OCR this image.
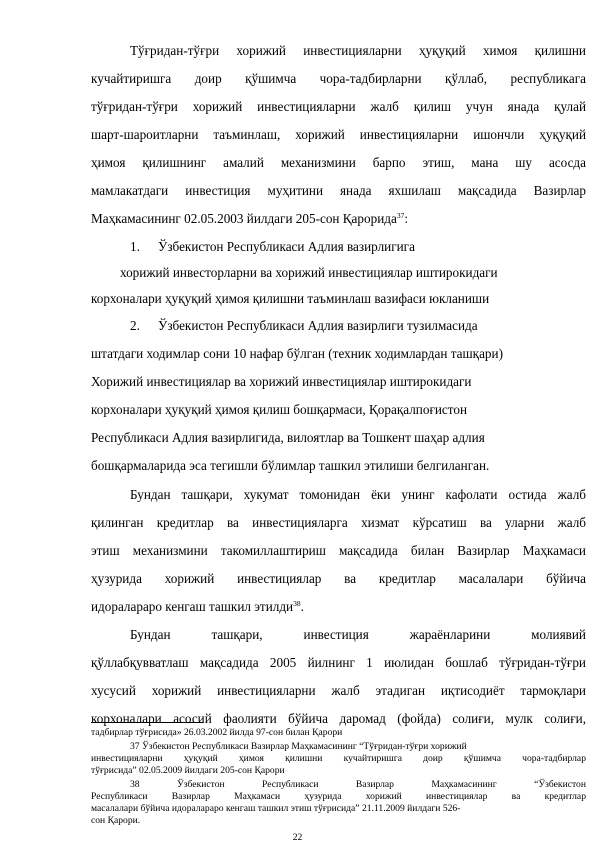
Тўғридан-тўғри хорижий инвестицияларни ҳуқуқий химоя қилишни
кучайтиришга доир қўшимча чора-тадбирларни қўллаб, республикага
тўғридан-тўғри хорижий инвестицияларни жалб қилиш учун янада қулай
шарт-шароитларни таъминлаш, хорижий инвестицияларни ишончли ҳуқуқий
ҳимоя қилишнинг амалий механизмини барпо этиш, мана шу асосда
мамлакатдаги инвестиция муҳитини янада яхшилаш мақсадида Вазирлар
Маҳкамасининг 02.05.2003 йилдаги 205-сон Қарорида$^{37}$:
1. Ўзбекистон Республикаси Адлия вазирлигига
хорижий инвесторларни ва хорижий инвестициялар иштирокидаги
корхоналари ҳуқуқий ҳимоя қилишни таъминлаш вазифаси юкланиши
2. Ўзбекистон Республикаси Адлия вазирлиги тузилмасида
штатдаги ходимлар сони 10 нафар бўлган (техник ходимлардан ташқари)
Хорижий инвестициялар ва хорижий инвестициялар иштирокидаги
корхоналари ҳуқуқий ҳимоя қилиш бошқармаси, Қорақалпоғистон
Республикаси Адлия вазирлигида, вилоятлар ва Тошкент шаҳар адлия
бошқармаларида эса тегишли бўлимлар ташкил этилиши белгиланган.
Бундан ташқари, хукумат томонидан ёки унинг кафолати остида жалб
қилинган кредитлар ва инвестицияларга хизмат кўрсатиш ва уларни жалб
этиш механизмини такомиллаштириш мақсадида билан Вазирлар Маҳкамаси
ҳузурида хорижий инвестициялар ва кредитлар масалалари бўйича
идоралараро кенгаш ташкил этилди$^{38}$.
Бундан ташқари, инвестиция жараёнларини молиявий
қўллабқувватлаш мақсадида 2005 йилнинг 1 июлидан бошлаб тўғридан-тўғри
хусусий хорижий инвестицияларни жалб этадиган иқтисодиёт тармоқлари
корхоналари асосий фаолияти бўйича даромад (фойда) солиғи, мулк солиғи,
тадбирлар тўғрисида» 26.03.2002 йилда 97-сон билан Қарори
37 Ўзбекистон Республикаси Вазирлар Маҳкамасининг “Тўғридан-тўғри хорижий
инвестицияларни ҳуқуқий ҳимоя қилишни кучайтиришга доир қўшимча чора-тадбирлар
тўғрисида” 02.05.2009 йилдаги 205-сон Қарори
38 Ўзбекистон Республикаси Вазирлар Маҳкамасининг “Ўзбекистон
Республикаси Вазирлар Маҳкамаси ҳузурида хорижий инвестициялар ва кредитлар
масалалари бўйича идоралараро кенгаш ташкил этиш тўғрисида” 21.11.2009 йилдаги 526-
сон Қарори.
22
